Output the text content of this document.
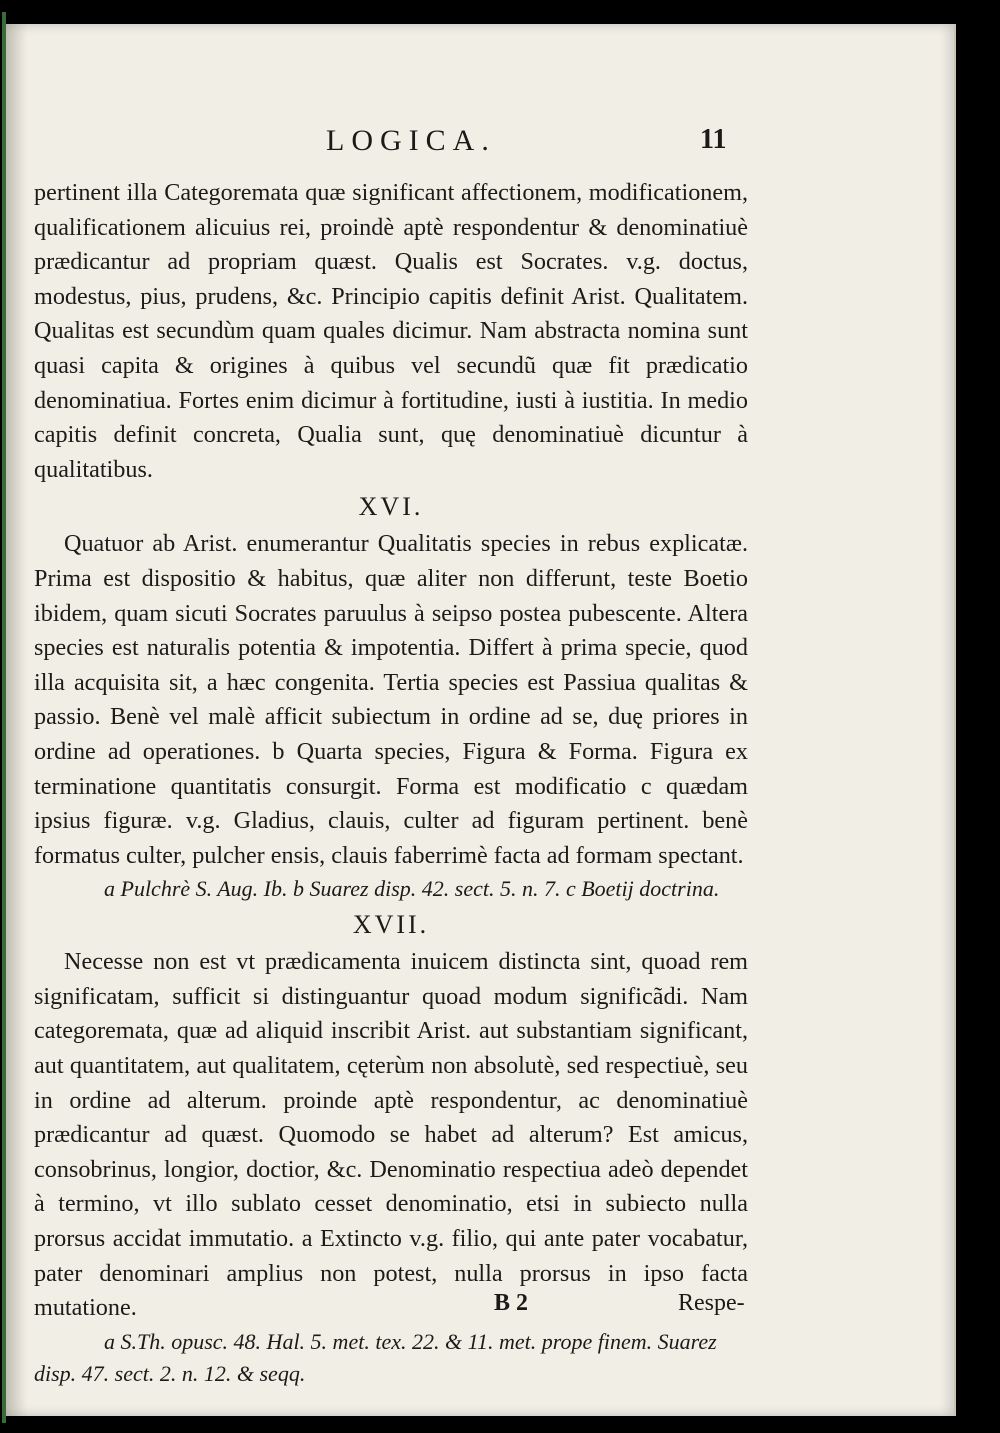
LOGICA.	11

pertinent illa Categoremata quæ significant affectionem, modificationem, qualificationem alicuius rei, proindè aptè respondentur & denominatiuè prædicantur ad propriam quæst. Qualis est Socrates. v.g. doctus, modestus, pius, prudens, &c. Principio capitis definit Arist. Qualitatem. Qualitas est secundùm quam quales dicimur. Nam abstracta nomina sunt quasi capita & origines à quibus vel secundũ quæ fit prædicatio denominatiua. Fortes enim dicimur à fortitudine, iusti à iustitia. In medio capitis definit concreta, Qualia sunt, quę denominatiuè dicuntur à qualitatibus.

XVI.

Quatuor ab Arist. enumerantur Qualitatis species in rebus explicatæ. Prima est dispositio & habitus, quæ aliter non differunt, teste Boetio ibidem, quam sicuti Socrates paruulus à seipso postea pubescente. Altera species est naturalis potentia & impotentia. Differt à prima specie, quod illa acquisita sit, a hæc congenita. Tertia species est Passiua qualitas & passio. Benè vel malè afficit subiectum in ordine ad se, duę priores in ordine ad operationes. b Quarta species, Figura & Forma. Figura ex terminatione quantitatis consurgit. Forma est modificatio c quædam ipsius figuræ. v.g. Gladius, clauis, culter ad figuram pertinent. benè formatus culter, pulcher ensis, clauis faberrimè facta ad formam spectant.

a Pulchrè S. Aug. Ib. b Suarez disp. 42. sect. 5. n. 7. c Boetij doctrina.

XVII.

Necesse non est vt prædicamenta inuicem distincta sint, quoad rem significatam, sufficit si distinguantur quoad modum significãdi. Nam categoremata, quæ ad aliquid inscribit Arist. aut substantiam significant, aut quantitatem, aut qualitatem, cęterùm non absolutè, sed respectiuè, seu in ordine ad alterum. proinde aptè respondentur, ac denominatiuè prædicantur ad quæst. Quomodo se habet ad alterum? Est amicus, consobrinus, longior, doctior, &c. Denominatio respectiua adeò dependet à termino, vt illo sublato cesset denominatio, etsi in subiecto nulla prorsus accidat immutatio. a Extincto v.g. filio, qui ante pater vocabatur, pater denominari amplius non potest, nulla prorsus in ipso facta mutatione.

a S.Th. opusc. 48. Hal. 5. met. tex. 22. & 11. met. prope finem. Suarez disp. 47. sect. 2. n. 12. & seqq.

B 2	Respe-
